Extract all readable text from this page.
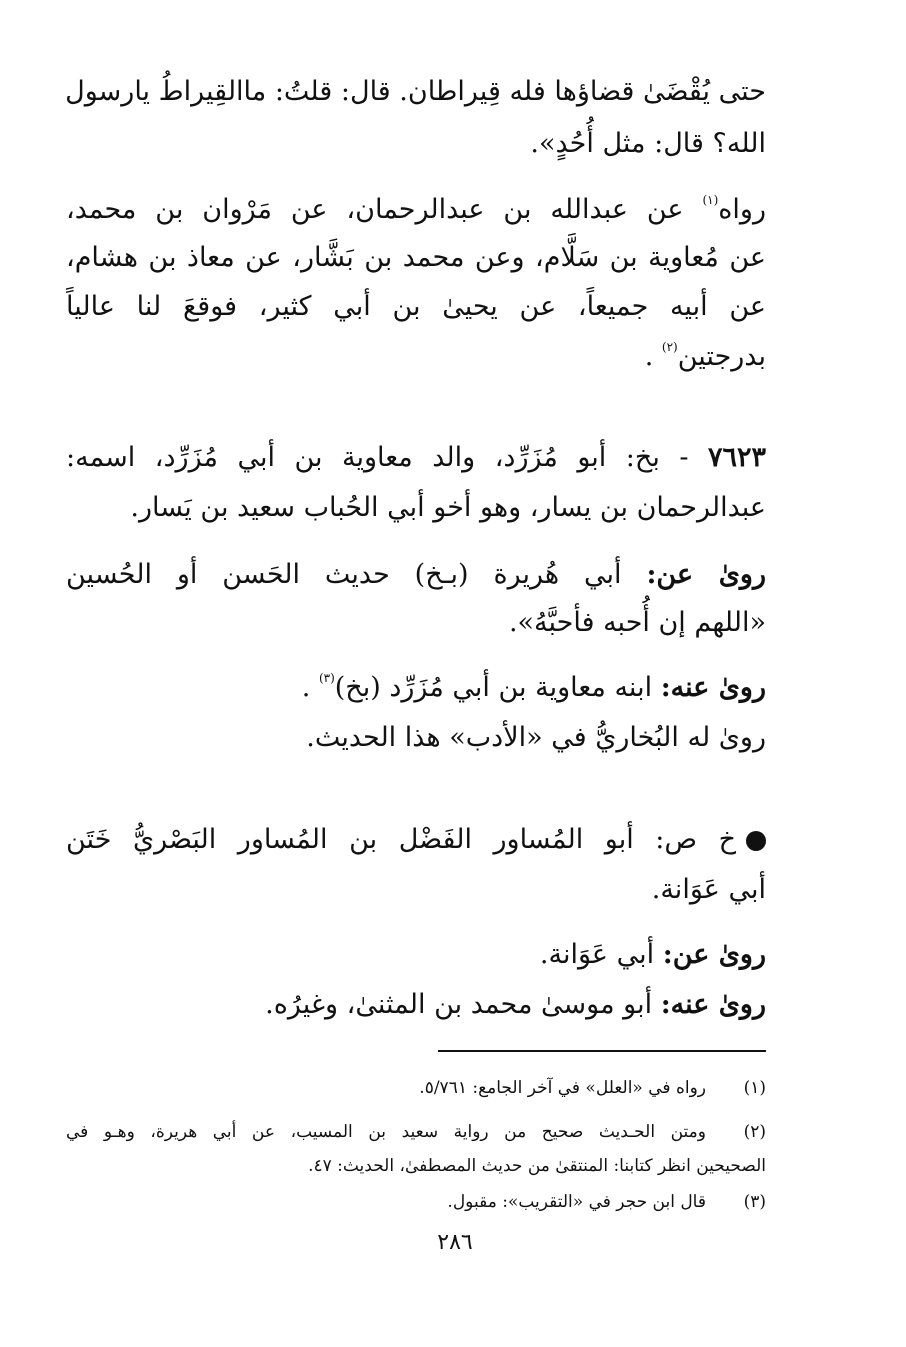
حتى يُقْضَىٰ قضاؤها فله قِيراطان. قال: قلتُ: ماالقِيراطُ يارسول
الله؟ قال: مثل أُحُدٍ».
رواه$^{(١)}$ عن عبدالله بن عبدالرحمان، عن مَرْوان بن محمد،
عن مُعاوية بن سَلَّام، وعن محمد بن بَشَّار، عن معاذ بن هشام،
عن أبيه جميعاً، عن يحيىٰ بن أبي كثير، فوقعَ لنا عالياً
بدرجتين$^{(٢)}$ .
٧٦٢٣ - بخ: أبو مُزَرِّد، والد معاوية بن أبي مُزَرِّد، اسمه:
عبدالرحمان بن يسار، وهو أخو أبي الحُباب سعيد بن يَسار.
روىٰ عن: أبي هُريرة (بـخ) حديث الحَسن أو الحُسين
«اللهم إن أُحبه فأحبَّهُ».
روىٰ عنه: ابنه معاوية بن أبي مُزَرِّد (بخ)$^{(٣)}$ .
روىٰ له البُخاريُّ في «الأدب» هذا الحديث.
خ ص: أبو المُساور الفَضْل بن المُساور البَصْريُّ خَتَن
أبي عَوَانة.
روىٰ عن: أبي عَوَانة.
روىٰ عنه: أبو موسىٰ محمد بن المثنىٰ، وغيرُه.
(١)
رواه في «العلل» في آخر الجامع: ٥/٧٦١.
(٢)
ومتن الحـديث صحيح من رواية سعيد بن المسيب، عن أبي هريرة، وهـو في
الصحيحين انظر كتابنا: المنتقىٰ من حديث المصطفىٰ، الحديث: ٤٧.
(٣)
قال ابن حجر في «التقريب»: مقبول.
٢٨٦
